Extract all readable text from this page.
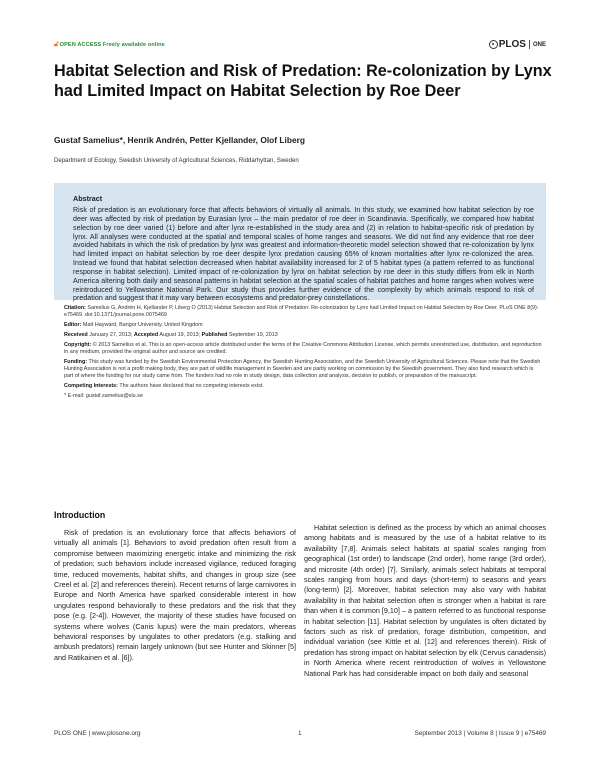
🔓︎OPEN ACCESS Freely available online	PLOS ONE
Habitat Selection and Risk of Predation: Re-colonization by Lynx had Limited Impact on Habitat Selection by Roe Deer
Gustaf Samelius*, Henrik Andrén, Petter Kjellander, Olof Liberg
Department of Ecology, Swedish University of Agricultural Sciences, Riddarhyttan, Sweden
Abstract

Risk of predation is an evolutionary force that affects behaviors of virtually all animals. In this study, we examined how habitat selection by roe deer was affected by risk of predation by Eurasian lynx – the main predator of roe deer in Scandinavia. Specifically, we compared how habitat selection by roe deer varied (1) before and after lynx re-established in the study area and (2) in relation to habitat-specific risk of predation by lynx. All analyses were conducted at the spatial and temporal scales of home ranges and seasons. We did not find any evidence that roe deer avoided habitats in which the risk of predation by lynx was greatest and information-theoretic model selection showed that re-colonization by lynx had limited impact on habitat selection by roe deer despite lynx predation causing 65% of known mortalities after lynx re-colonized the area. Instead we found that habitat selection decreased when habitat availability increased for 2 of 5 habitat types (a pattern referred to as functional response in habitat selection). Limited impact of re-colonization by lynx on habitat selection by roe deer in this study differs from elk in North America altering both daily and seasonal patterns in habitat selection at the spatial scales of habitat patches and home ranges when wolves were reintroduced to Yellowstone National Park. Our study thus provides further evidence of the complexity by which animals respond to risk of predation and suggest that it may vary between ecosystems and predator-prey constellations.

Citation: Samelius G, Andrén H, Kjellander P, Liberg O (2013) Habitat Selection and Risk of Predation: Re-colonization by Lynx had Limited Impact on Habitat Selection by Roe Deer. PLoS ONE 8(9): e75469. doi:10.1371/journal.pone.0075469

Editor: Matt Hayward, Bangor University, United Kingdom

Received January 27, 2013; Accepted August 19, 2013; Published September 19, 2013

Copyright: © 2013 Samelius et al. This is an open-access article distributed under the terms of the Creative Commons Attribution License, which permits unrestricted use, distribution, and reproduction in any medium, provided the original author and source are credited.

Funding: This study was funded by the Swedish Environmental Protection Agency, the Swedish Hunting Association, and the Swedish University of Agricultural Sciences. Please note that the Swedish Hunting Association is not a profit making body, they are part of wildlife management in Sweden and are partly working on commission by the Swedish government. They also fund research which is part of where the funding for our study came from. The funders had no role in study design, data collection and analysis, decision to publish, or preparation of the manuscript.

Competing Interests: The authors have declared that no competing interests exist.

* E-mail: gustaf.samelius@slu.se

Introduction

Risk of predation is an evolutionary force that affects behaviors of virtually all animals [1]. Behaviors to avoid predation often result from a compromise between maximizing energetic intake and minimizing the risk of predation; such behaviors include increased vigilance, reduced foraging time, reduced movements, habitat shifts, and changes in group size (see Creel et al. [2] and references therein). Recent returns of large carnivores in Europe and North America have sparked considerable interest in how ungulates respond behaviorally to these predators and the risk that they pose (e.g. [2-4]). However, the majority of these studies have focused on systems where wolves (Canis lupus) were the main predators, whereas behavioral responses by ungulates to other predators (e.g. stalking and ambush predators) remain largely unknown (but see Hunter and Skinner [5] and Ratikainen et al. [6]).

Habitat selection is defined as the process by which an animal chooses among habitats and is measured by the use of a habitat relative to its availability [7,8]. Animals select habitats at spatial scales ranging from geographical (1st order) to landscape (2nd order), home range (3rd order), and microsite (4th order) [7]. Similarly, animals select habitats at temporal scales ranging from hours and days (short-term) to seasons and years (long-term) [2]. Moreover, habitat selection may also vary with habitat availability in that habitat selection often is stronger when a habitat is rare than when it is common [9,10] – a pattern referred to as functional response in habitat selection [11]. Habitat selection by ungulates is often dictated by factors such as risk of predation, forage distribution, competition, and individual variation (see Kittle et al. [12] and references therein). Risk of predation has strong impact on habitat selection by elk (Cervus canadensis) in North America where recent reintroduction of wolves in Yellowstone National Park has had considerable impact on both daily and seasonal

PLOS ONE | www.plosone.org	1	September 2013 | Volume 8 | Issue 9 | e75469
